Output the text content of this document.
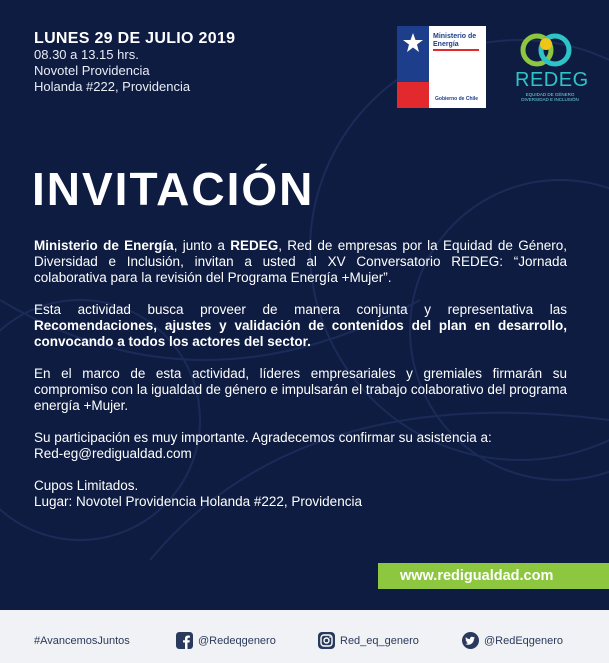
LUNES 29 DE JULIO 2019
08.30 a 13.15 hrs.
Novotel Providencia
Holanda #222, Providencia
Ministerio de
Energía
Gobierno de Chile
REDEG
EQUIDAD DE GÉNERO
DIVERSIDAD E INCLUSIÓN
INVITACIÓN

Ministerio de Energía, junto a REDEG, Red de empresas por la Equidad de Género, Diversidad e Inclusión, invitan a usted al XV Conversatorio REDEG: “Jornada colaborativa para la revisión del Programa Energía +Mujer”.

Esta actividad busca proveer de manera conjunta y representativa las Recomendaciones, ajustes y validación de contenidos del plan en desarrollo, convocando a todos los actores del sector.

En el marco de esta actividad, líderes empresariales y gremiales firmarán su compromiso con la igualdad de género e impulsarán el trabajo colaborativo del programa energía +Mujer.

Su participación es muy importante. Agradecemos confirmar su asistencia a:
Red-eg@redigualdad.com

Cupos Limitados.
Lugar: Novotel Providencia Holanda #222, Providencia

www.redigualdad.com
#AvancemosJuntos	@Redeqgenero	Red_eq_genero	@RedEqgenero
